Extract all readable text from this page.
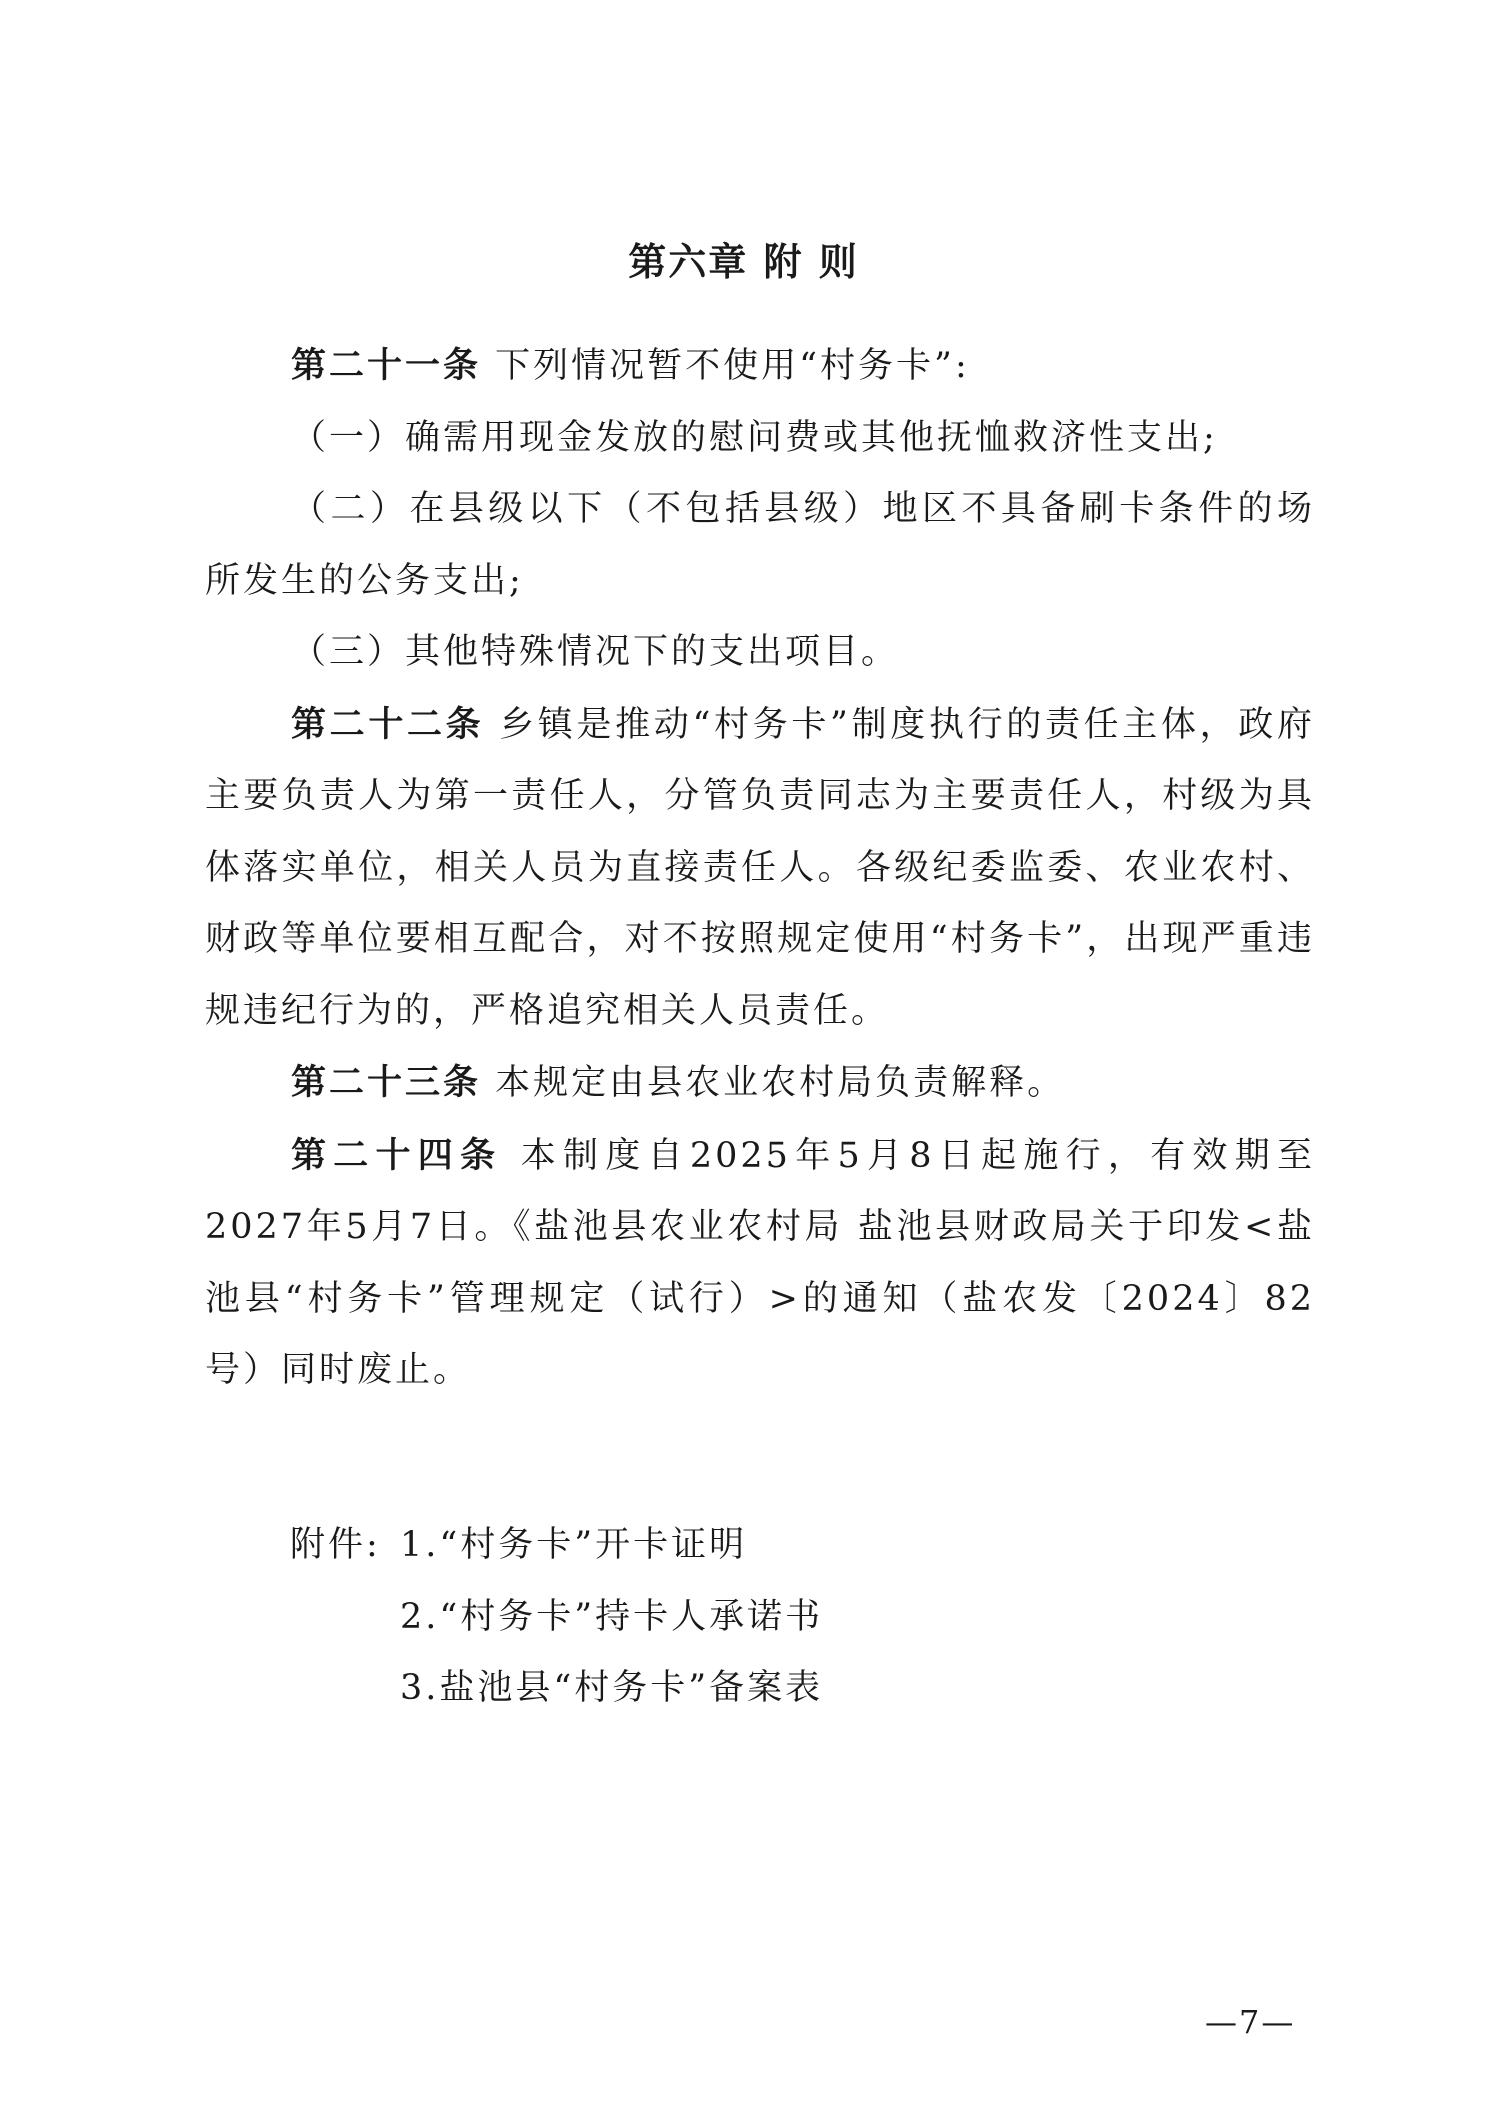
第六章 附 则

第二十一条 下列情况暂不使用“村务卡”:

（一）确需用现金发放的慰问费或其他抚恤救济性支出;

（二）在县级以下（不包括县级）地区不具备刷卡条件的场所发生的公务支出;

（三）其他特殊情况下的支出项目。

第二十二条 乡镇是推动“村务卡”制度执行的责任主体，政府主要负责人为第一责任人，分管负责同志为主要责任人，村级为具体落实单位，相关人员为直接责任人。各级纪委监委、农业农村、财政等单位要相互配合，对不按照规定使用“村务卡”，出现严重违规违纪行为的，严格追究相关人员责任。

第二十三条 本规定由县农业农村局负责解释。

第二十四条 本制度自2025年5月8日起施行，有效期至2027年5月7日。《盐池县农业农村局 盐池县财政局关于印发<盐池县“村务卡”管理规定（试行）>的通知（盐农发〔2024〕82号）同时废止。

附件: 1.“村务卡”开卡证明
2.“村务卡”持卡人承诺书
3.盐池县“村务卡”备案表
—7—
